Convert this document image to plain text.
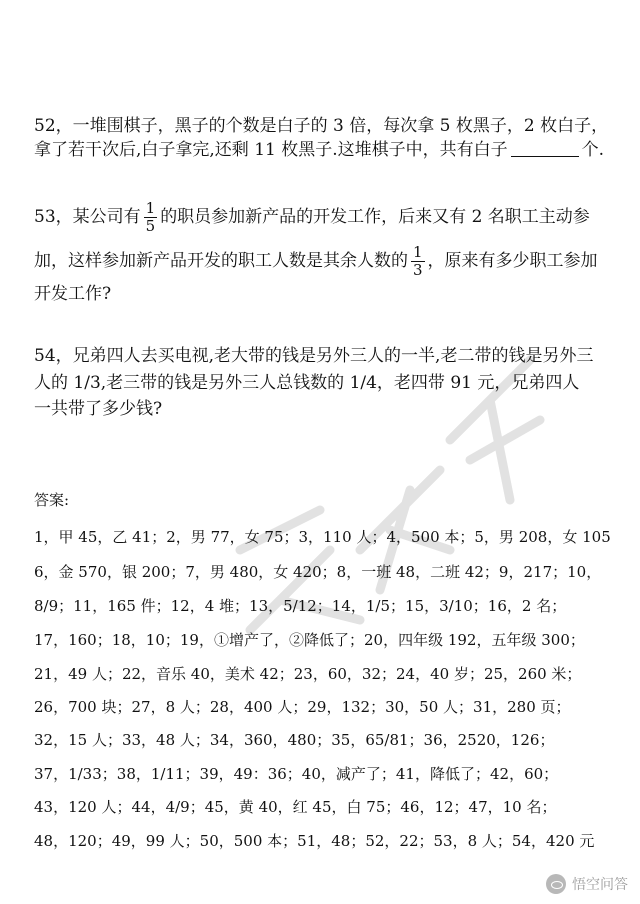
52，一堆围棋子，黑子的个数是白子的 3 倍，每次拿 5 枚黑子，2 枚白子，
拿了若干次后,白子拿完,还剩 11 枚黑子.这堆棋子中，共有白子	个.
53，某公司有 $\frac{1}{5}$ 的职员参加新产品的开发工作，后来又有 2 名职工主动参
加，这样参加新产品开发的职工人数是其余人数的 $\frac{1}{3}$ ，原来有多少职工参加
开发工作?
54，兄弟四人去买电视,老大带的钱是另外三人的一半,老二带的钱是另外三
人的 1/3,老三带的钱是另外三人总钱数的 1/4，老四带 91 元，兄弟四人
一共带了多少钱?
答案:
1，甲 45，乙 41；2，男 77，女 75；3，110 人；4，500 本；5，男 208，女 105
6，金 570，银 200；7，男 480，女 420；8，一班 48，二班 42；9，217；10，
8/9；11，165 件；12，4 堆；13，5/12；14，1/5；15，3/10；16，2 名；
17，160；18，10；19，①增产了，②降低了；20，四年级 192，五年级 300；
21，49 人；22，音乐 40，美术 42；23，60，32；24，40 岁；25，260 米；
26，700 块；27，8 人；28，400 人；29，132；30，50 人；31，280 页；
32，15 人；33，48 人；34，360，480；35，65/81；36，2520，126；
37，1/33；38，1/11；39，49：36；40，减产了；41，降低了；42，60；
43，120 人；44，4/9；45，黄 40，红 45，白 75；46，12；47，10 名；
48，120；49，99 人；50，500 本；51，48；52，22；53，8 人；54，420 元
悟空问答
